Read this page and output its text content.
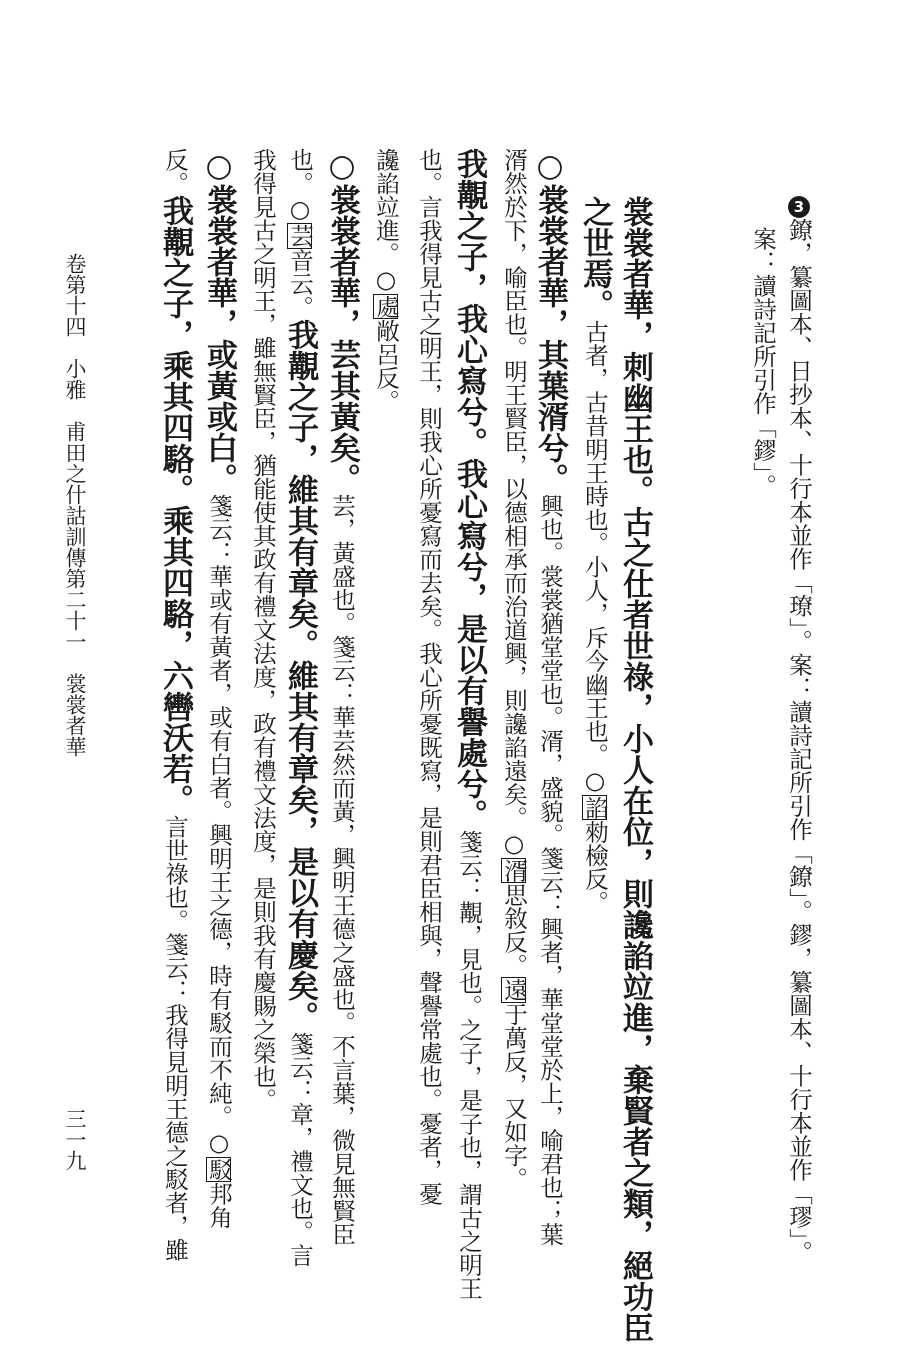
3鐐，纂圖本、日抄本、十行本並作「璙」。案：讀詩記所引作「鐐」。鏐，纂圖本、十行本並作「璆」。
案：讀詩記所引作「鏐」。
裳裳者華，刺幽王也。古之仕者世祿，小人在位，則讒諂竝進，棄賢者之類，絕功臣
之世焉。古者，古昔明王時也。小人，斥今幽王也。○諂勑檢反。
○裳裳者華，其葉湑兮。興也。裳裳猶堂堂也。湑，盛貌。箋云：興者，華堂堂於上，喻君也；葉
湑然於下，喻臣也。明王賢臣，以德相承而治道興，則讒諂遠矣。○湑思敘反。遠于萬反，又如字。
我覯之子，我心寫兮。我心寫兮，是以有譽處兮。箋云：覯，見也。之子，是子也，謂古之明王
也。言我得見古之明王，則我心所憂寫而去矣。我心所憂既寫，是則君臣相與，聲譽常處也。憂者，憂
讒諂竝進。○處敞呂反。
○裳裳者華，芸其黃矣。芸，黃盛也。箋云：華芸然而黃，興明王德之盛也。不言葉，微見無賢臣
也。○芸音云。我覯之子，維其有章矣。維其有章矣，是以有慶矣。箋云：章，禮文也。言
我得見古之明王，雖無賢臣，猶能使其政有禮文法度，政有禮文法度，是則我有慶賜之榮也。
○裳裳者華，或黃或白。箋云：華或有黃者，或有白者。興明王之德，時有駁而不純。○駁邦角
反。我覯之子，乘其四駱。乘其四駱，六轡沃若。言世祿也。箋云：我得見明王德之駁者，雖
卷第十四　小雅　甫田之什詁訓傳第二十一　裳裳者華
三一九
